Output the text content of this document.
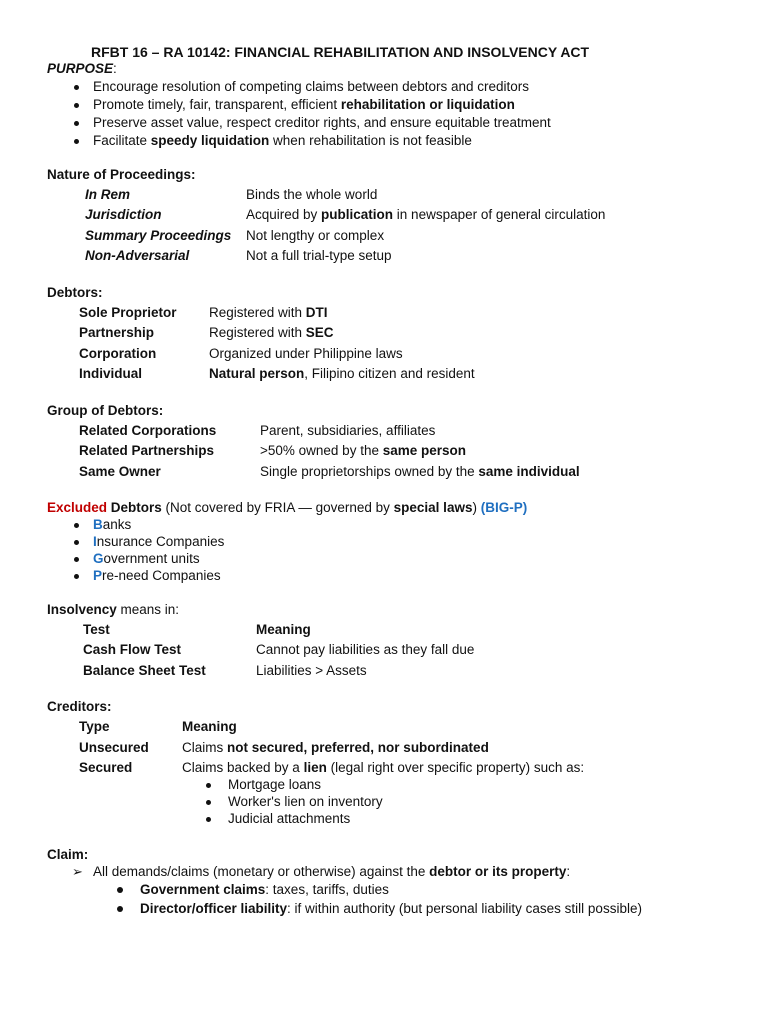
RFBT 16 – RA 10142: FINANCIAL REHABILITATION AND INSOLVENCY ACT
PURPOSE:
Encourage resolution of competing claims between debtors and creditors
Promote timely, fair, transparent, efficient rehabilitation or liquidation
Preserve asset value, respect creditor rights, and ensure equitable treatment
Facilitate speedy liquidation when rehabilitation is not feasible
Nature of Proceedings:
In Rem	Binds the whole world
Jurisdiction	Acquired by publication in newspaper of general circulation
Summary Proceedings Not lengthy or complex
Non-Adversarial	Not a full trial-type setup
Debtors:
Sole Proprietor Registered with DTI
Partnership	Registered with SEC
Corporation	Organized under Philippine laws
Individual	Natural person, Filipino citizen and resident
Group of Debtors:
Related Corporations	Parent, subsidiaries, affiliates
Related Partnerships	>50% owned by the same person
Same Owner	Single proprietorships owned by the same individual
Excluded Debtors (Not covered by FRIA — governed by special laws) (BIG-P)
Banks
Insurance Companies
Government units
Pre-need Companies
Insolvency means in:
Test	Meaning
Cash Flow Test	Cannot pay liabilities as they fall due
Balance Sheet Test	Liabilities > Assets
Creditors:
Type	Meaning
Unsecured Claims not secured, preferred, nor subordinated
Secured	Claims backed by a lien (legal right over specific property) such as:
Mortgage loans
Worker's lien on inventory
Judicial attachments
Claim:
➢ All demands/claims (monetary or otherwise) against the debtor or its property:
Government claims: taxes, tariffs, duties
Director/officer liability: if within authority (but personal liability cases still possible)
